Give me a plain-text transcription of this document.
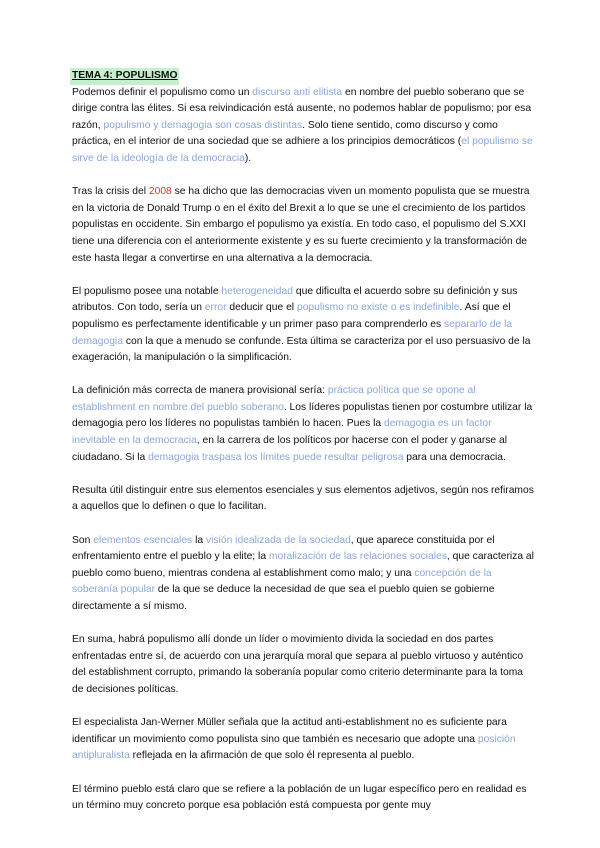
TEMA 4: POPULISMO

Podemos definir el populismo como un discurso anti elitista en nombre del pueblo soberano que se dirige contra las élites. Si esa reivindicación está ausente, no podemos hablar de populismo; por esa razón, populismo y demagogia son cosas distintas. Solo tiene sentido, como discurso y como práctica, en el interior de una sociedad que se adhiere a los principios democráticos (el populismo se sirve de la ideología de la democracia).

Tras la crisis del 2008 se ha dicho que las democracias viven un momento populista que se muestra en la victoria de Donald Trump o en el éxito del Brexit a lo que se une el crecimiento de los partidos populistas en occidente. Sin embargo el populismo ya existía. En todo caso, el populismo del S.XXI tiene una diferencia con el anteriormente existente y es su fuerte crecimiento y la transformación de este hasta llegar a convertirse en una alternativa a la democracia.

El populismo posee una notable heterogeneidad que dificulta el acuerdo sobre su definición y sus atributos. Con todo, sería un error deducir que el populismo no existe o es indefinible. Así que el populismo es perfectamente identificable y un primer paso para comprenderlo es separarlo de la demagogia con la que a menudo se confunde. Esta última se caracteriza por el uso persuasivo de la exageración, la manipulación o la simplificación.

La definición más correcta de manera provisional sería: práctica política que se opone al establishment en nombre del pueblo soberano. Los líderes populistas tienen por costumbre utilizar la demagogia pero los líderes no populistas también lo hacen. Pues la demagogia es un factor inevitable en la democracia, en la carrera de los políticos por hacerse con el poder y ganarse al ciudadano. Si la demagogia traspasa los límites puede resultar peligrosa para una democracia.

Resulta útil distinguir entre sus elementos esenciales y sus elementos adjetivos, según nos refiramos a aquellos que lo definen o que lo facilitan.

Son elementos esenciales la visión idealizada de la sociedad, que aparece constituida por el enfrentamiento entre el pueblo y la elite; la moralización de las relaciones sociales, que caracteriza al pueblo como bueno, mientras condena al establishment como malo; y una concepción de la soberanía popular de la que se deduce la necesidad de que sea el pueblo quien se gobierne directamente a sí mismo.

En suma, habrá populismo allí donde un líder o movimiento divida la sociedad en dos partes enfrentadas entre sí, de acuerdo con una jerarquía moral que separa al pueblo virtuoso y auténtico del establishment corrupto, primando la soberanía popular como criterio determinante para la toma de decisiones políticas.

El especialista Jan-Werner Müller señala que la actitud anti-establishment no es suficiente para identificar un movimiento como populista sino que también es necesario que adopte una posición antipluralista reflejada en la afirmación de que solo él representa al pueblo.

El término pueblo está claro que se refiere a la población de un lugar específico pero en realidad es un término muy concreto porque esa población está compuesta por gente muy
